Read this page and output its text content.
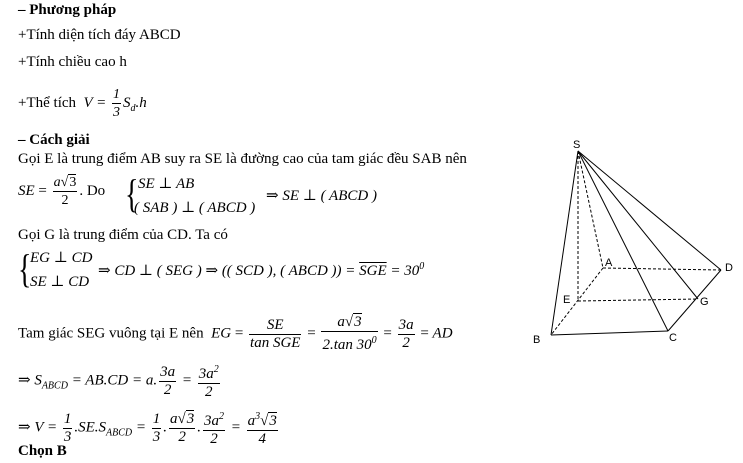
– Phương pháp
+Tính diện tích đáy ABCD
+Tính chiều cao h
+Thể tích  $V = \frac{1}{3} S_d.h$
– Cách giải
Gọi E là trung điểm AB suy ra SE là đường cao của tam giác đều SAB nên
SE = $\frac{a√3}{2}$ . Do { SE ⊥ AB
( SAB ) ⊥ ( ABCD )
⇒ SE ⊥ ( ABCD )
Gọi G là trung điểm của CD. Ta có
{
EG ⊥ CD
SE ⊥ CD
⇒ CD ⊥ ( SEG ) ⇒ (( SCD ), ( ABCD )) = $\overline{SGE} = 30^0$
Tam giác SEG vuông tại E nên  EG = $\frac{SE}{\tan \overline{SGE}} = \frac{a√3}{2.\tan 30^0} = \frac{3a}{2}$ = AD
⇒ $S_{ABCD} = AB.CD = a$. $\frac{3a}{2} = \frac{3a^2}{2}$
⇒ $V = \frac{1}{3} .SE.S_{ABCD} = \frac{1}{3}$ . $\frac{a√3}{2}$ . $\frac{3a^2}{2} = \frac{a^3√3}{4}$
Chọn B
S
A	D
E	G
B	C
